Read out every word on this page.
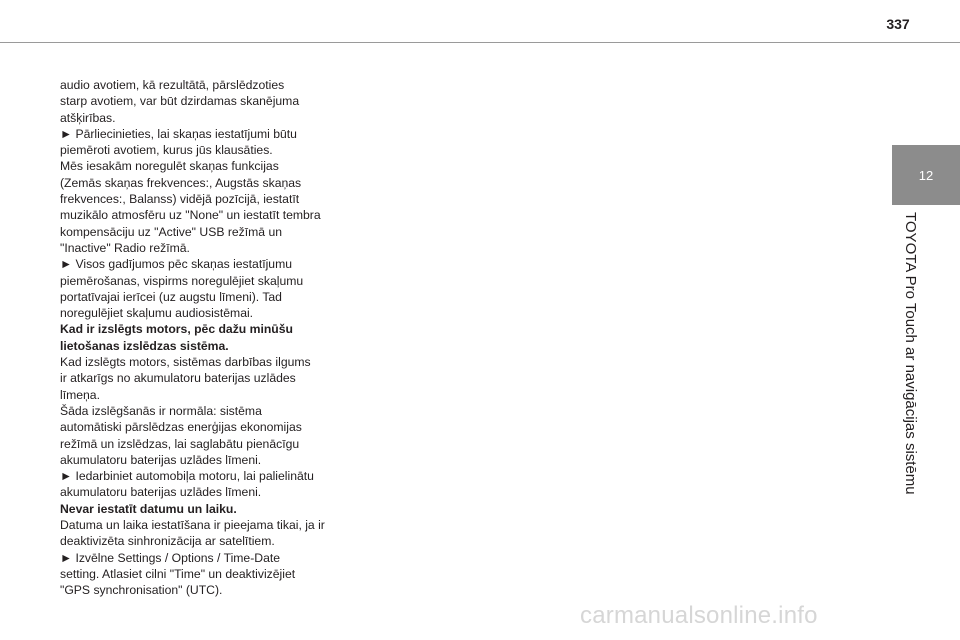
337
12
TOYOTA Pro Touch ar navigācijas sistēmu

audio avotiem, kā rezultātā, pārslēdzoties
starp avotiem, var būt dzirdamas skanējuma
atšķirības.

► Pārliecinieties, lai skaņas iestatījumi būtu
piemēroti avotiem, kurus jūs klausāties.

Mēs iesakām noregulēt skaņas funkcijas
(Zemās skaņas frekvences:, Augstās skaņas
frekvences:, Balanss) vidējā pozīcijā, iestatīt
muzikālo atmosfēru uz "None" un iestatīt tembra
kompensāciju uz "Active" USB režīmā un
"Inactive" Radio režīmā.

► Visos gadījumos pēc skaņas iestatījumu
piemērošanas, vispirms noregulējiet skaļumu
portatīvajai ierīcei (uz augstu līmeni). Tad
noregulējiet skaļumu audiosistēmai.

Kad ir izslēgts motors, pēc dažu minūšu
lietošanas izslēdzas sistēma.

Kad izslēgts motors, sistēmas darbības ilgums
ir atkarīgs no akumulatoru baterijas uzlādes
līmeņa.

Šāda izslēgšanās ir normāla: sistēma
automātiski pārslēdzas enerģijas ekonomijas
režīmā un izslēdzas, lai saglabātu pienācīgu
akumulatoru baterijas uzlādes līmeni.

► Iedarbiniet automobiļa motoru, lai palielinātu
akumulatoru baterijas uzlādes līmeni.

Nevar iestatīt datumu un laiku.

Datuma un laika iestatīšana ir pieejama tikai, ja ir
deaktivizēta sinhronizācija ar satelītiem.

► Izvēlne Settings / Options / Time-Date
setting. Atlasiet cilni "Time" un deaktivizējiet
"GPS synchronisation" (UTC).

carmanualsonline.info
